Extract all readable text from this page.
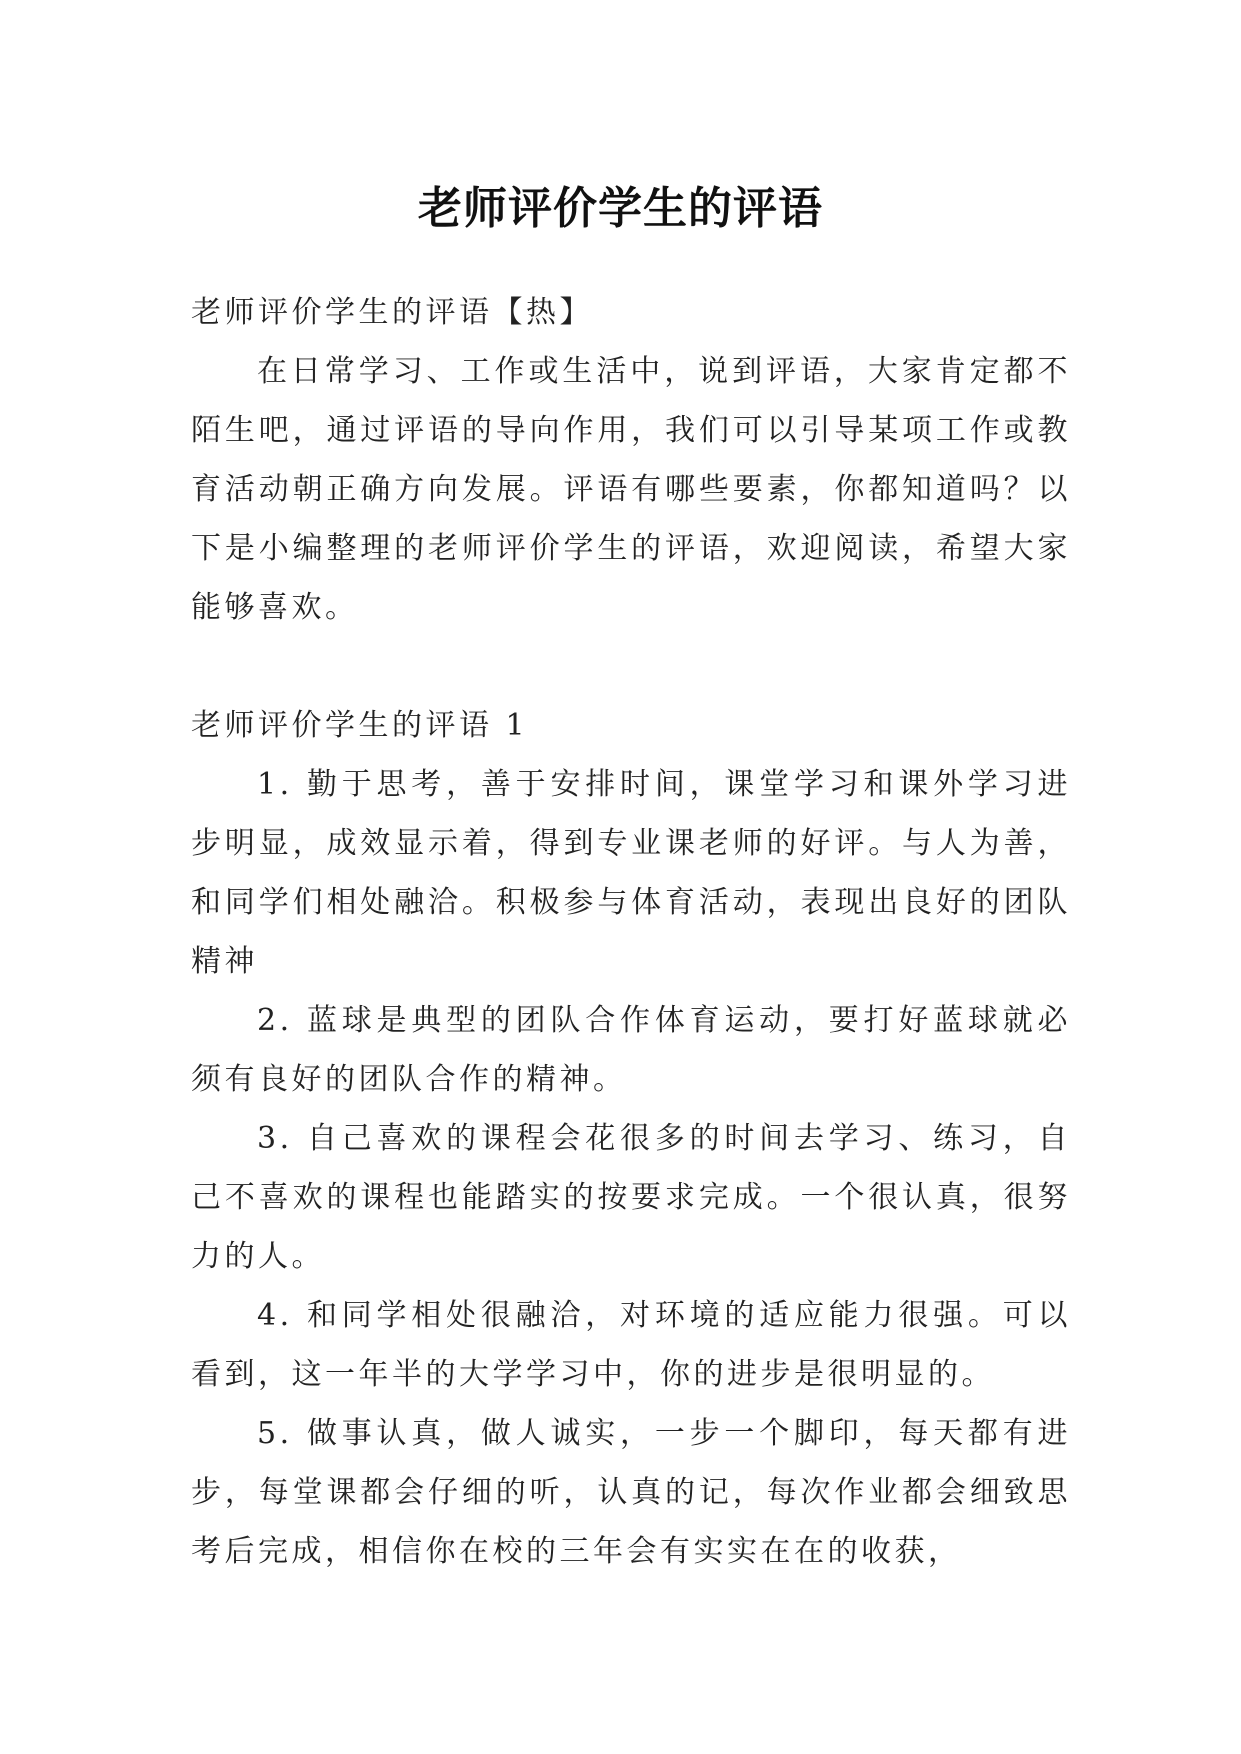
老师评价学生的评语

老师评价学生的评语【热】

在日常学习、工作或生活中，说到评语，大家肯定都不陌生吧，通过评语的导向作用，我们可以引导某项工作或教育活动朝正确方向发展。评语有哪些要素，你都知道吗？以下是小编整理的老师评价学生的评语，欢迎阅读，希望大家能够喜欢。

老师评价学生的评语 1

1. 勤于思考，善于安排时间，课堂学习和课外学习进步明显，成效显示着，得到专业课老师的好评。与人为善，和同学们相处融洽。积极参与体育活动，表现出良好的团队精神

2. 蓝球是典型的团队合作体育运动，要打好蓝球就必须有良好的团队合作的精神。

3. 自己喜欢的课程会花很多的时间去学习、练习，自己不喜欢的课程也能踏实的按要求完成。一个很认真，很努力的人。

4. 和同学相处很融洽，对环境的适应能力很强。可以看到，这一年半的大学学习中，你的进步是很明显的。

5. 做事认真，做人诚实，一步一个脚印，每天都有进步，每堂课都会仔细的听，认真的记，每次作业都会细致思考后完成，相信你在校的三年会有实实在在的收获，
